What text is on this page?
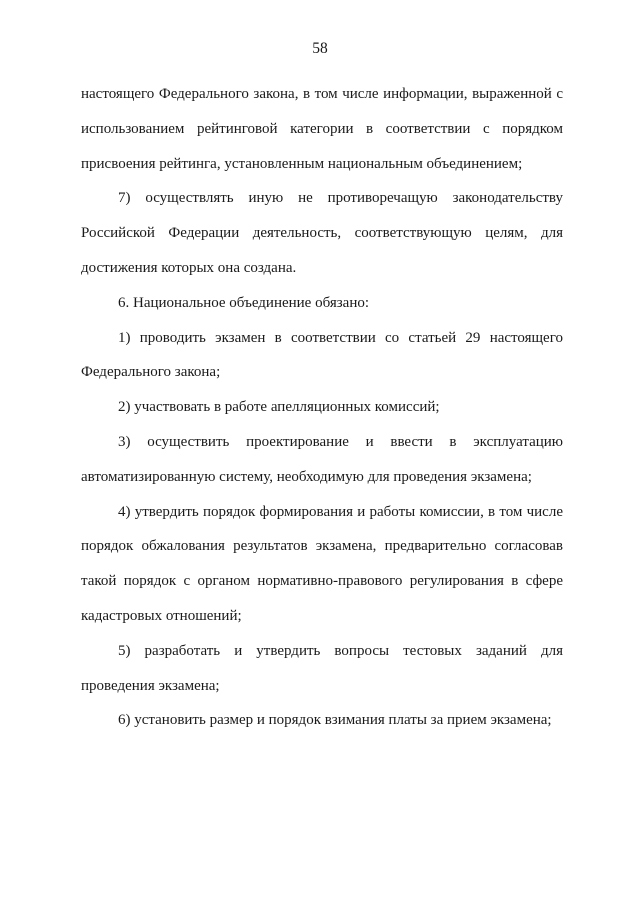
58
настоящего Федерального закона, в том числе информации, выраженной с
использованием рейтинговой категории в соответствии с порядком
присвоения рейтинга, установленным национальным объединением;
7) осуществлять иную не противоречащую законодательству
Российской Федерации деятельность, соответствующую целям, для
достижения которых она создана.
6. Национальное объединение обязано:
1) проводить экзамен в соответствии со статьей 29 настоящего
Федерального закона;
2) участвовать в работе апелляционных комиссий;
3) осуществить проектирование и ввести в эксплуатацию
автоматизированную систему, необходимую для проведения экзамена;
4) утвердить порядок формирования и работы комиссии, в том числе
порядок обжалования результатов экзамена, предварительно согласовав
такой порядок с органом нормативно-правового регулирования в сфере
кадастровых отношений;
5) разработать и утвердить вопросы тестовых заданий для
проведения экзамена;
6) установить размер и порядок взимания платы за прием экзамена;
